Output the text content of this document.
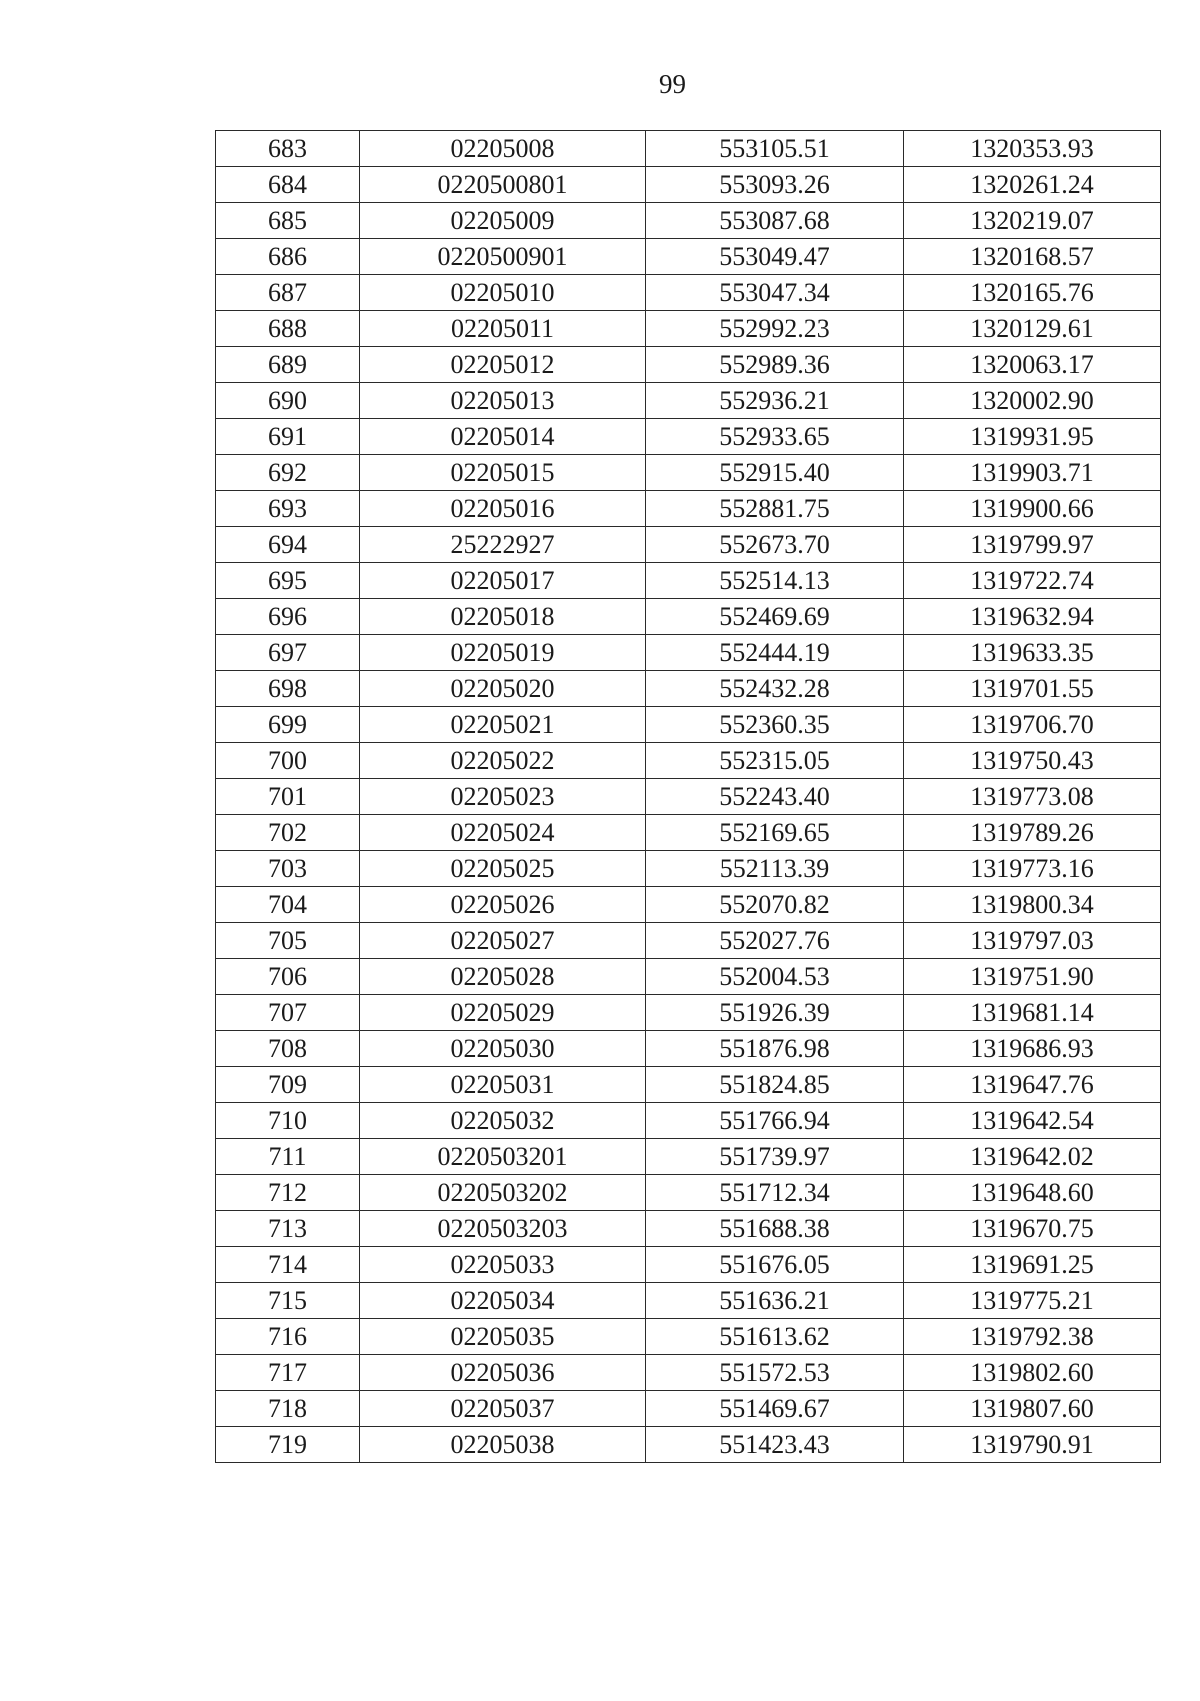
99
683	02205008	553105.51	1320353.93
684	0220500801	553093.26	1320261.24
685	02205009	553087.68	1320219.07
686	0220500901	553049.47	1320168.57
687	02205010	553047.34	1320165.76
688	02205011	552992.23	1320129.61
689	02205012	552989.36	1320063.17
690	02205013	552936.21	1320002.90
691	02205014	552933.65	1319931.95
692	02205015	552915.40	1319903.71
693	02205016	552881.75	1319900.66
694	25222927	552673.70	1319799.97
695	02205017	552514.13	1319722.74
696	02205018	552469.69	1319632.94
697	02205019	552444.19	1319633.35
698	02205020	552432.28	1319701.55
699	02205021	552360.35	1319706.70
700	02205022	552315.05	1319750.43
701	02205023	552243.40	1319773.08
702	02205024	552169.65	1319789.26
703	02205025	552113.39	1319773.16
704	02205026	552070.82	1319800.34
705	02205027	552027.76	1319797.03
706	02205028	552004.53	1319751.90
707	02205029	551926.39	1319681.14
708	02205030	551876.98	1319686.93
709	02205031	551824.85	1319647.76
710	02205032	551766.94	1319642.54
711	0220503201	551739.97	1319642.02
712	0220503202	551712.34	1319648.60
713	0220503203	551688.38	1319670.75
714	02205033	551676.05	1319691.25
715	02205034	551636.21	1319775.21
716	02205035	551613.62	1319792.38
717	02205036	551572.53	1319802.60
718	02205037	551469.67	1319807.60
719	02205038	551423.43	1319790.91
